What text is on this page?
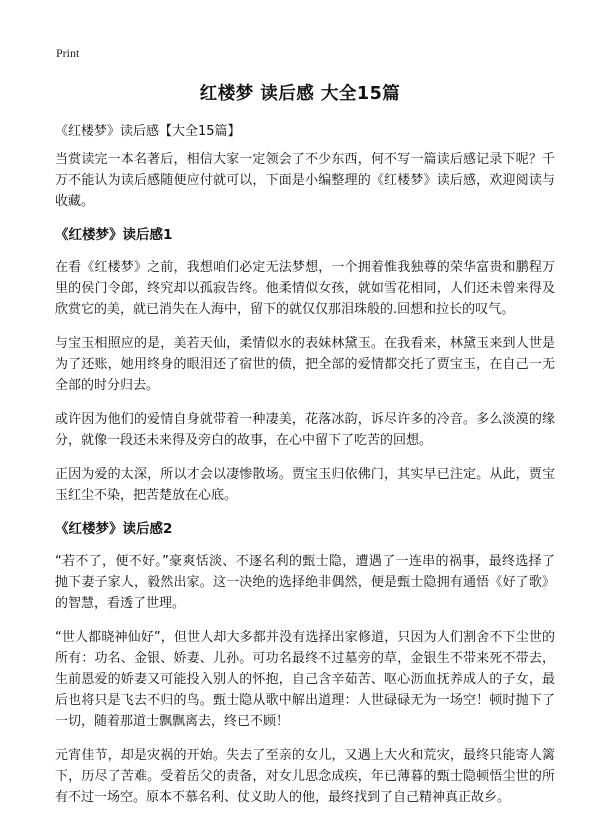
Print
红楼梦 读后感 大全15篇
《红楼梦》读后感【大全15篇】

当赏读完一本名著后，相信大家一定领会了不少东西，何不写一篇读后感记录下呢？千万不能认为读后感随便应付就可以，下面是小编整理的《红楼梦》读后感，欢迎阅读与收藏。

《红楼梦》读后感1

在看《红楼梦》之前，我想咱们必定无法梦想，一个拥着惟我独尊的荣华富贵和鹏程万里的侯门令郎，终究却以孤寂告终。他柔情似女孩，就如雪花相同，人们还未曾来得及欣赏它的美，就已消失在人海中，留下的就仅仅那泪珠般的.回想和拉长的叹气。

与宝玉相照应的是，美若天仙，柔情似水的表妹林黛玉。在我看来，林黛玉来到人世是为了还账，她用终身的眼泪还了宿世的债，把全部的爱情都交托了贾宝玉，在自己一无全部的时分归去。

或许因为他们的爱情自身就带着一种凄美，花落冰韵，诉尽许多的冷音。多么淡漠的缘分，就像一段还未来得及旁白的故事，在心中留下了吃苦的回想。

正因为爱的太深，所以才会以凄惨散场。贾宝玉归依佛门，其实早已注定。从此，贾宝玉红尘不染，把苦楚放在心底。

《红楼梦》读后感2

“若不了，便不好。”豪爽恬淡、不逐名利的甄士隐，遭遇了一连串的祸事，最终选择了抛下妻子家人，毅然出家。这一决绝的选择绝非偶然，便是甄士隐拥有通悟《好了歌》的智慧，看透了世理。

“世人都晓神仙好”，但世人却大多都并没有选择出家修道，只因为人们割舍不下尘世的所有：功名、金银、娇妻、儿孙。可功名最终不过墓旁的草，金银生不带来死不带去，生前恩爱的娇妻又可能投入别人的怀抱，自己含辛茹苦、呕心沥血抚养成人的子女，最后也将只是飞去不归的鸟。甄士隐从歌中解出道理：人世碌碌无为一场空！顿时抛下了一切，随着那道士飘飘离去，终已不顾！

元宵佳节，却是灾祸的开始。失去了至亲的女儿，又遇上大火和荒灾，最终只能寄人篱下，历尽了苦难。受着岳父的责备，对女儿思念成疾，年已薄暮的甄士隐顿悟尘世的所有不过一场空。原本不慕名利、仗义助人的他，最终找到了自己精神真正故乡。
